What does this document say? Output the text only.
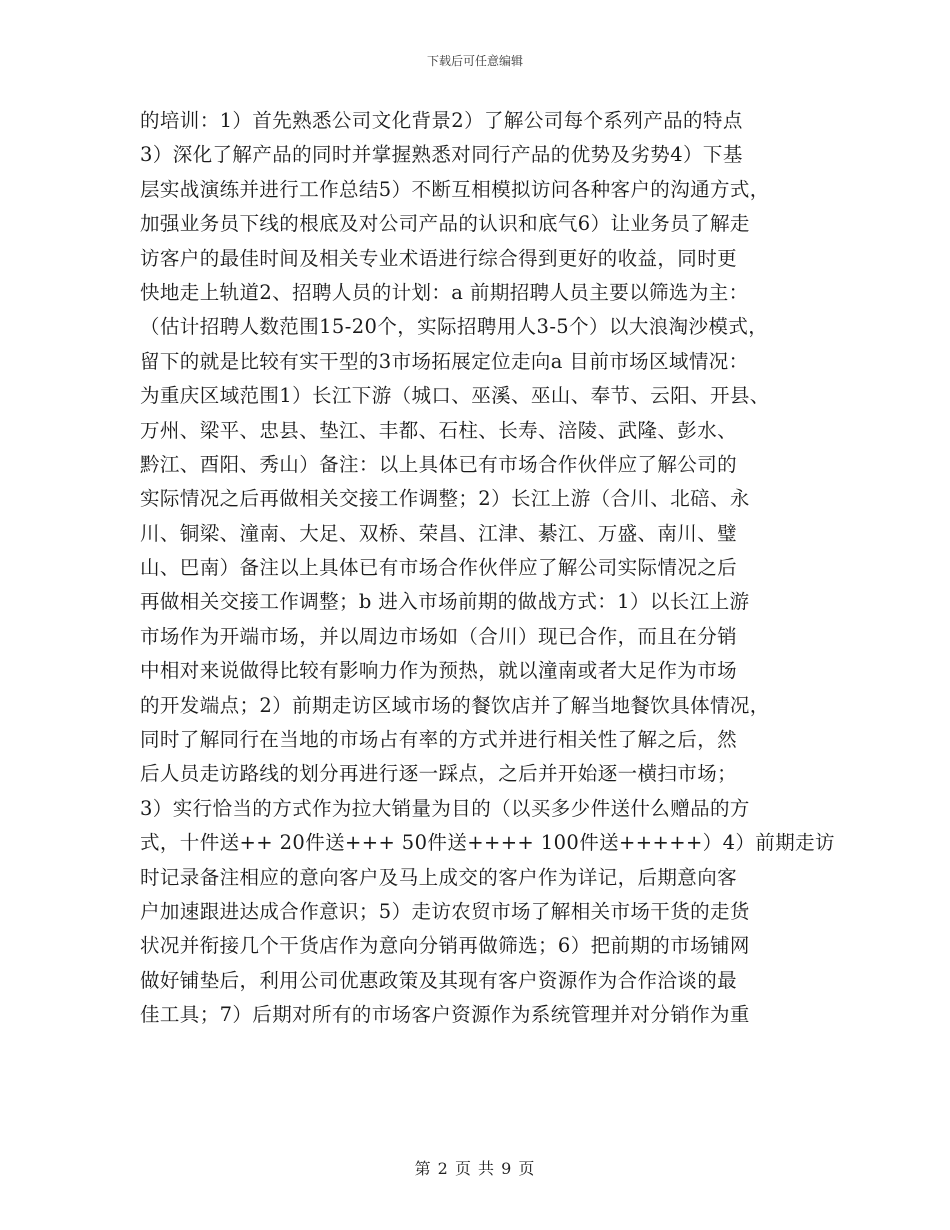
下载后可任意编辑
的培训：1）首先熟悉公司文化背景2）了解公司每个系列产品的特点
3）深化了解产品的同时并掌握熟悉对同行产品的优势及劣势4）下基
层实战演练并进行工作总结5）不断互相模拟访问各种客户的沟通方式，
加强业务员下线的根底及对公司产品的认识和底气6）让业务员了解走
访客户的最佳时间及相关专业术语进行综合得到更好的收益，同时更
快地走上轨道2、招聘人员的计划：a 前期招聘人员主要以筛选为主：
（估计招聘人数范围15-20个，实际招聘用人3-5个）以大浪淘沙模式，
留下的就是比较有实干型的3市场拓展定位走向a 目前市场区域情况：
为重庆区域范围1）长江下游（城口、巫溪、巫山、奉节、云阳、开县、
万州、梁平、忠县、垫江、丰都、石柱、长寿、涪陵、武隆、彭水、
黔江、酉阳、秀山）备注：以上具体已有市场合作伙伴应了解公司的
实际情况之后再做相关交接工作调整；2）长江上游（合川、北碚、永
川、铜梁、潼南、大足、双桥、荣昌、江津、綦江、万盛、南川、璧
山、巴南）备注以上具体已有市场合作伙伴应了解公司实际情况之后
再做相关交接工作调整；b 进入市场前期的做战方式：1）以长江上游
市场作为开端市场，并以周边市场如（合川）现已合作，而且在分销
中相对来说做得比较有影响力作为预热，就以潼南或者大足作为市场
的开发端点；2）前期走访区域市场的餐饮店并了解当地餐饮具体情况，
同时了解同行在当地的市场占有率的方式并进行相关性了解之后，然
后人员走访路线的划分再进行逐一踩点，之后并开始逐一横扫市场；
3）实行恰当的方式作为拉大销量为目的（以买多少件送什么赠品的方
式，十件送++ 20件送+++ 50件送++++ 100件送+++++）4）前期走访
时记录备注相应的意向客户及马上成交的客户作为详记，后期意向客
户加速跟进达成合作意识；5）走访农贸市场了解相关市场干货的走货
状况并衔接几个干货店作为意向分销再做筛选；6）把前期的市场铺网
做好铺垫后，利用公司优惠政策及其现有客户资源作为合作洽谈的最
佳工具；7）后期对所有的市场客户资源作为系统管理并对分销作为重
第 2 页 共 9 页
